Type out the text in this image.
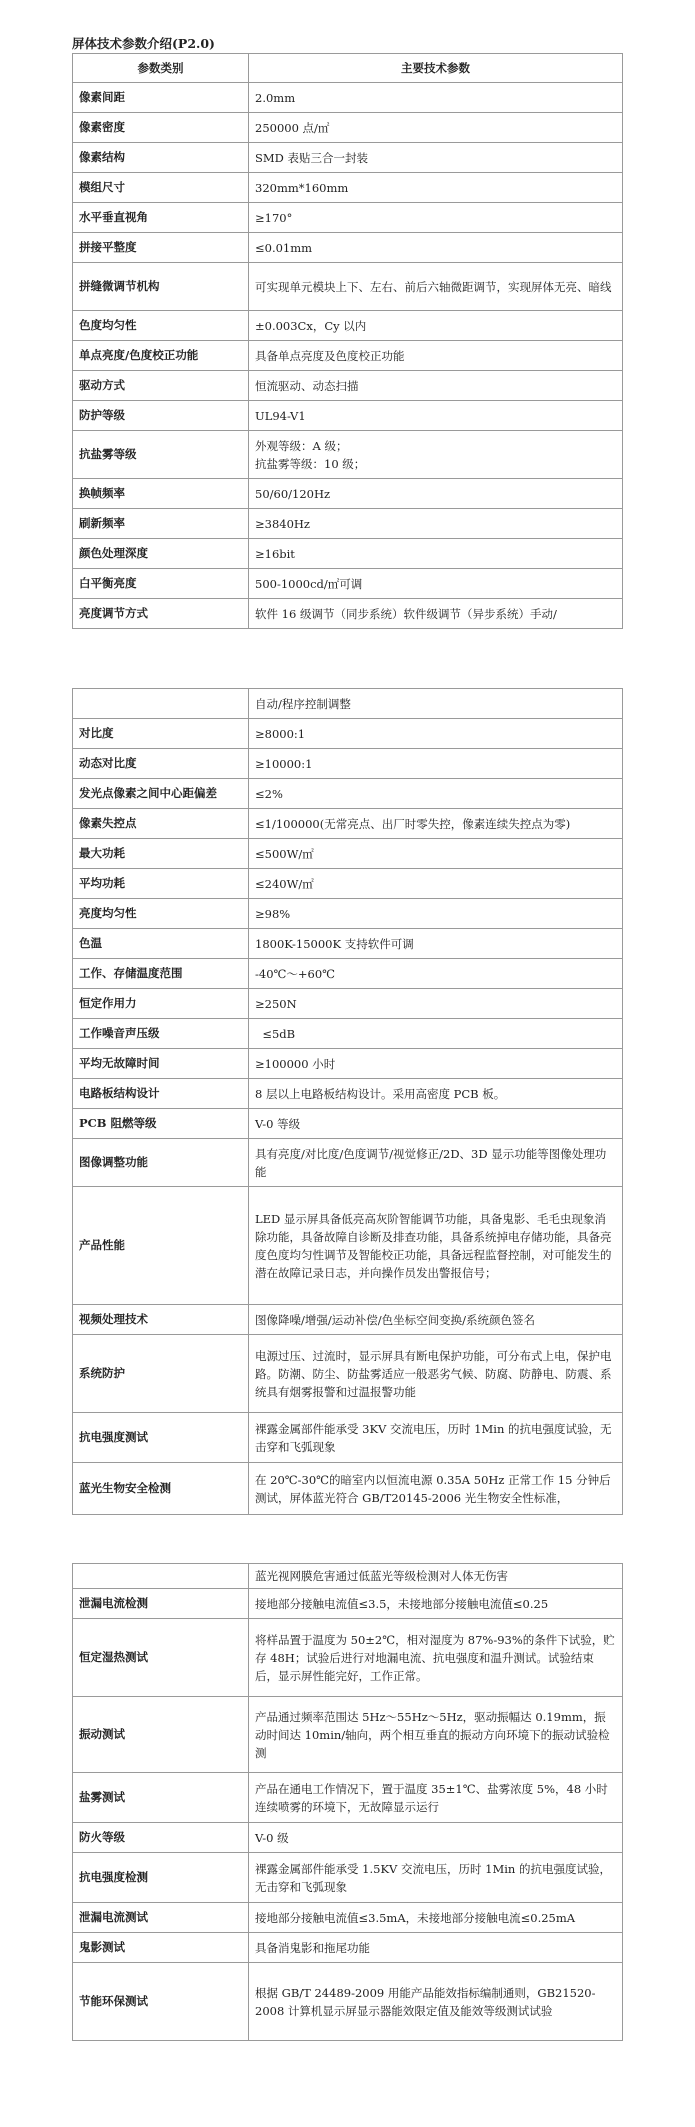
屏体技术参数介绍(P2.0)
参数类别	主要技术参数
像素间距	2.0mm
像素密度	250000 点/㎡
像素结构	SMD 表贴三合一封装
模组尺寸	320mm*160mm
水平垂直视角	≥170°
拼接平整度	≤0.01mm
拼缝微调节机构	可实现单元模块上下、左右、前后六轴微距调节，实现屏体无亮、暗线
色度均匀性	±0.003Cx，Cy 以内
单点亮度/色度校正功能	具备单点亮度及色度校正功能
驱动方式	恒流驱动、动态扫描
防护等级	UL94-V1
抗盐雾等级	外观等级：A 级；
抗盐雾等级：10 级；
换帧频率	50/60/120Hz
刷新频率	≥3840Hz
颜色处理深度	≥16bit
白平衡亮度	500-1000cd/㎡可调
亮度调节方式	软件 16 级调节（同步系统）软件级调节（异步系统）手动/
	自动/程序控制调整
对比度	≥8000:1
动态对比度	≥10000:1
发光点像素之间中心距偏差	≤2%
像素失控点	≤1/100000(无常亮点、出厂时零失控，像素连续失控点为零)
最大功耗	≤500W/㎡
平均功耗	≤240W/㎡
亮度均匀性	≥98%
色温	1800K-15000K 支持软件可调
工作、存储温度范围	-40℃～+60℃
恒定作用力	≥250N
工作噪音声压级	≤5dB
平均无故障时间	≥100000 小时
电路板结构设计	8 层以上电路板结构设计。采用高密度 PCB 板。
PCB 阻燃等级	V-0 等级
图像调整功能	具有亮度/对比度/色度调节/视觉修正/2D、3D 显示功能等图像处理功能
产品性能	LED 显示屏具备低亮高灰阶智能调节功能，具备鬼影、毛毛虫现象消除功能，具备故障自诊断及排查功能，具备系统掉电存储功能，具备亮度色度均匀性调节及智能校正功能，具备远程监督控制，对可能发生的潜在故障记录日志，并向操作员发出警报信号；
视频处理技术	图像降噪/增强/运动补偿/色坐标空间变换/系统颜色签名
系统防护	电源过压、过流时，显示屏具有断电保护功能，可分布式上电，保护电路。防潮、防尘、防盐雾适应一般恶劣气候、防腐、防静电、防震、系统具有烟雾报警和过温报警功能
抗电强度测试	裸露金属部件能承受 3KV 交流电压，历时 1Min 的抗电强度试验，无击穿和飞弧现象
蓝光生物安全检测	在 20℃-30℃的暗室内以恒流电源 0.35A 50Hz 正常工作 15 分钟后测试，屏体蓝光符合 GB/T20145-2006 光生物安全性标准，
	蓝光视网膜危害通过低蓝光等级检测对人体无伤害
泄漏电流检测	接地部分接触电流值≤3.5，未接地部分接触电流值≤0.25
恒定湿热测试	将样品置于温度为 50±2℃，相对湿度为 87%-93%的条件下试验，贮存 48H；试验后进行对地漏电流、抗电强度和温升测试。试验结束后，显示屏性能完好，工作正常。
振动测试	产品通过频率范围达 5Hz～55Hz～5Hz，驱动振幅达 0.19mm，振动时间达 10min/轴向，两个相互垂直的振动方向环境下的振动试验检测
盐雾测试	产品在通电工作情况下，置于温度 35±1℃、盐雾浓度 5%，48 小时连续喷雾的环境下，无故障显示运行
防火等级	V-0 级
抗电强度检测	裸露金属部件能承受 1.5KV 交流电压，历时 1Min 的抗电强度试验，无击穿和飞弧现象
泄漏电流测试	接地部分接触电流值≤3.5mA，未接地部分接触电流≤0.25mA
鬼影测试	具备消鬼影和拖尾功能
节能环保测试	根据 GB/T 24489-2009 用能产品能效指标编制通则，GB21520-2008 计算机显示屏显示器能效限定值及能效等级测试试验
